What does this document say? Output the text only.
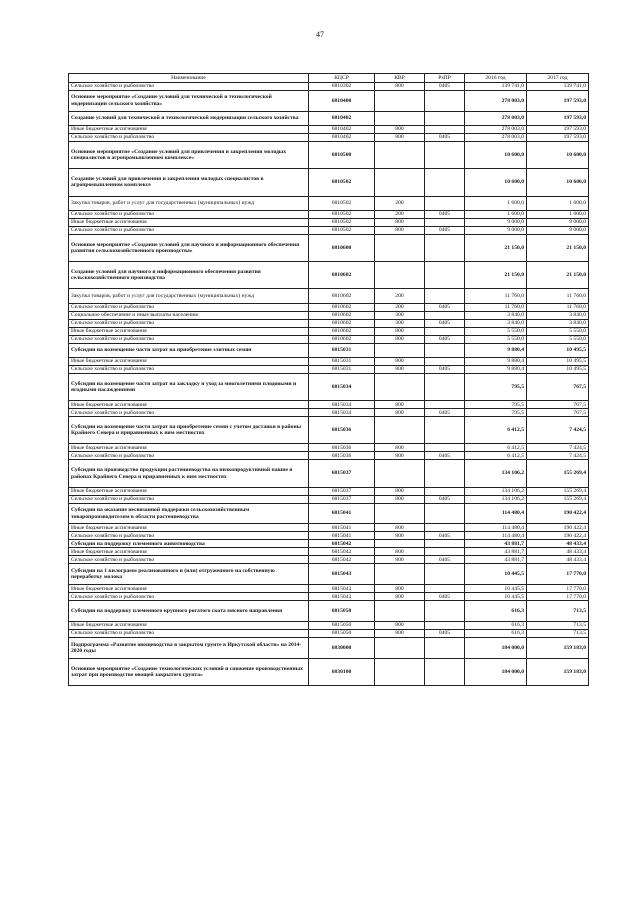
47
Наименование	КЦСР	КВР	РзПР	2016 год	2017 год
Сельское хозяйство и рыболовство	6810302	800	0405	139 741,0	139 741,0
Основное мероприятие «Создание условий для технической и технологической модернизации сельского хозяйства»	6810400			278 003,0	197 593,0
Создание условий для технической и технологической модернизации сельского хозяйства	6810402			278 003,0	197 593,0
Иные бюджетные ассигнования	6810402	800		278 003,0	197 593,0
Сельское хозяйство и рыболовство	6810402	800	0405	278 003,0	197 593,0
Основное мероприятие «Создание условий для привлечения и закрепления молодых специалистов в агропромышленном комплексе»	6810500			10 600,0	10 600,0
Создание условий для привлечения и закрепления молодых специалистов в агропромышленном комплексе	6810502			10 600,0	10 600,0
Закупка товаров, работ и услуг для государственных (муниципальных) нужд	6810502	200		1 600,0	1 600,0
Сельское хозяйство и рыболовство	6810502	200	0405	1 600,0	1 600,0
Иные бюджетные ассигнования	6810502	800		9 000,0	9 000,0
Сельское хозяйство и рыболовство	6810502	800	0405	9 000,0	9 000,0
Основное мероприятие «Создание условий для научного и информационного обеспечения развития сельскохозяйственного производства»	6810600			21 150,0	21 150,0
Создание условий для научного и информационного обеспечения развития сельскохозяйственного производства	6810602			21 150,0	21 150,0
Закупка товаров, работ и услуг для государственных (муниципальных) нужд	6810602	200		11 760,0	11 760,0
Сельское хозяйство и рыболовство	6810602	200	0405	11 760,0	11 760,0
Социальное обеспечение и иные выплаты населению	6810602	300		3 840,0	3 840,0
Сельское хозяйство и рыболовство	6810602	300	0405	3 840,0	3 840,0
Иные бюджетные ассигнования	6810602	800		5 550,0	5 550,0
Сельское хозяйство и рыболовство	6810602	800	0405	5 550,0	5 550,0
Субсидии на возмещение части затрат на приобретение элитных семян	6815031			9 880,4	10 495,5
Иные бюджетные ассигнования	6815031	800		9 880,4	10 495,5
Сельское хозяйство и рыболовство	6815031	800	0405	9 880,4	10 495,5
Субсидии на возмещение части затрат на закладку и уход за многолетними плодовыми и ягодными насаждениями	6815034			795,5	767,5
Иные бюджетные ассигнования	6815034	800		795,5	767,5
Сельское хозяйство и рыболовство	6815034	800	0405	795,5	767,5
Субсидии на возмещение части затрат на приобретение семян с учетом доставки в районы Крайнего Севера и приравненных к ним местностях	6815036			6 412,5	7 424,5
Иные бюджетные ассигнования	6815036	800		6 412,5	7 424,5
Сельское хозяйство и рыболовство	6815036	800	0405	6 412,5	7 424,5
Субсидии на производство продукции растениеводства на низкопродуктивной пашне в районах Крайнего Севера и приравненных к ним местностях	6815037			134 106,2	155 269,4
Иные бюджетные ассигнования	6815037	800		134 106,2	155 269,4
Сельское хозяйство и рыболовство	6815037	800	0405	134 106,2	155 269,4
Субсидии на оказание несвязанной поддержки сельскохозяйственным товаропроизводителям в области растениеводства	6815041			114 480,4	190 422,4
Иные бюджетные ассигнования	6815041	800		114 480,4	190 422,4
Сельское хозяйство и рыболовство	6815041	800	0405	114 480,4	190 422,4
Субсидии на поддержку племенного животноводства	6815042			43 881,7	48 433,4
Иные бюджетные ассигнования	6815042	800		43 881,7	48 433,4
Сельское хозяйство и рыболовство	6815042	800	0405	43 881,7	48 433,4
Субсидии на 1 килограмм реализованного и (или) отгруженного на собственную переработку молока	6815043			10 445,5	17 770,0
Иные бюджетные ассигнования	6815043	800		10 445,5	17 770,0
Сельское хозяйство и рыболовство	6815043	800	0405	10 445,5	17 770,0
Субсидии на поддержку племенного крупного рогатого скота мясного направления	6815050			616,3	713,5
Иные бюджетные ассигнования	6815050	800		616,3	713,5
Сельское хозяйство и рыболовство	6815050	800	0405	616,3	713,5
Подпрограмма «Развитие овощеводства в закрытом грунте в Иркутской области» на 2014-2020 годы	6830000			184 000,0	159 183,0
Основное мероприятие «Создание технологических условий и снижение производственных затрат при производстве овощей закрытого грунта»	6830100			184 000,0	159 183,0
